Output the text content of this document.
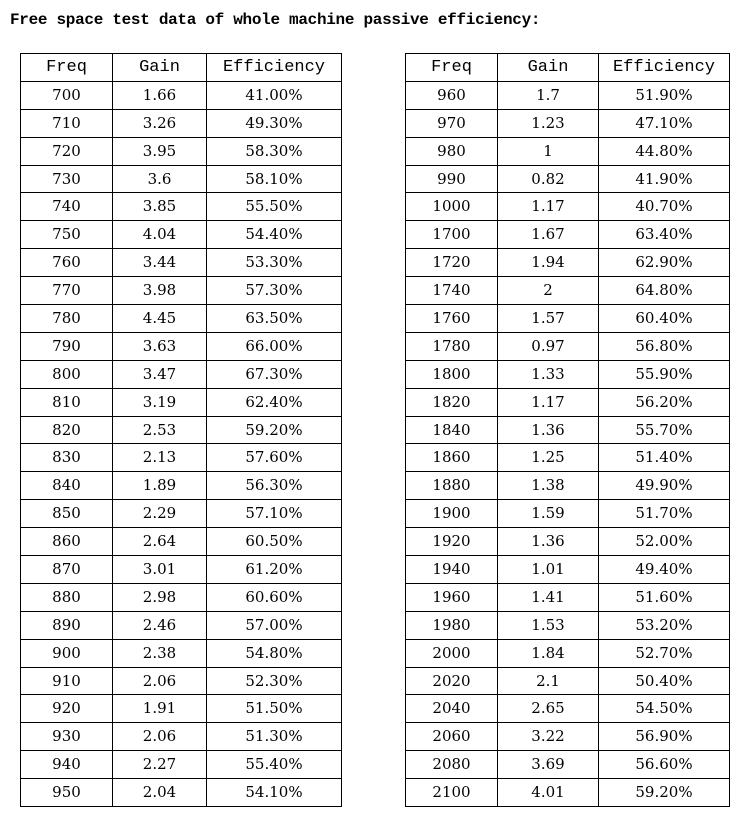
Free space test data of whole machine passive efficiency:
Freq	Gain	Efficiency
700	1.66	41.00%
710	3.26	49.30%
720	3.95	58.30%
730	3.6	58.10%
740	3.85	55.50%
750	4.04	54.40%
760	3.44	53.30%
770	3.98	57.30%
780	4.45	63.50%
790	3.63	66.00%
800	3.47	67.30%
810	3.19	62.40%
820	2.53	59.20%
830	2.13	57.60%
840	1.89	56.30%
850	2.29	57.10%
860	2.64	60.50%
870	3.01	61.20%
880	2.98	60.60%
890	2.46	57.00%
900	2.38	54.80%
910	2.06	52.30%
920	1.91	51.50%
930	2.06	51.30%
940	2.27	55.40%
950	2.04	54.10%
Freq	Gain	Efficiency
960	1.7	51.90%
970	1.23	47.10%
980	1	44.80%
990	0.82	41.90%
1000	1.17	40.70%
1700	1.67	63.40%
1720	1.94	62.90%
1740	2	64.80%
1760	1.57	60.40%
1780	0.97	56.80%
1800	1.33	55.90%
1820	1.17	56.20%
1840	1.36	55.70%
1860	1.25	51.40%
1880	1.38	49.90%
1900	1.59	51.70%
1920	1.36	52.00%
1940	1.01	49.40%
1960	1.41	51.60%
1980	1.53	53.20%
2000	1.84	52.70%
2020	2.1	50.40%
2040	2.65	54.50%
2060	3.22	56.90%
2080	3.69	56.60%
2100	4.01	59.20%
